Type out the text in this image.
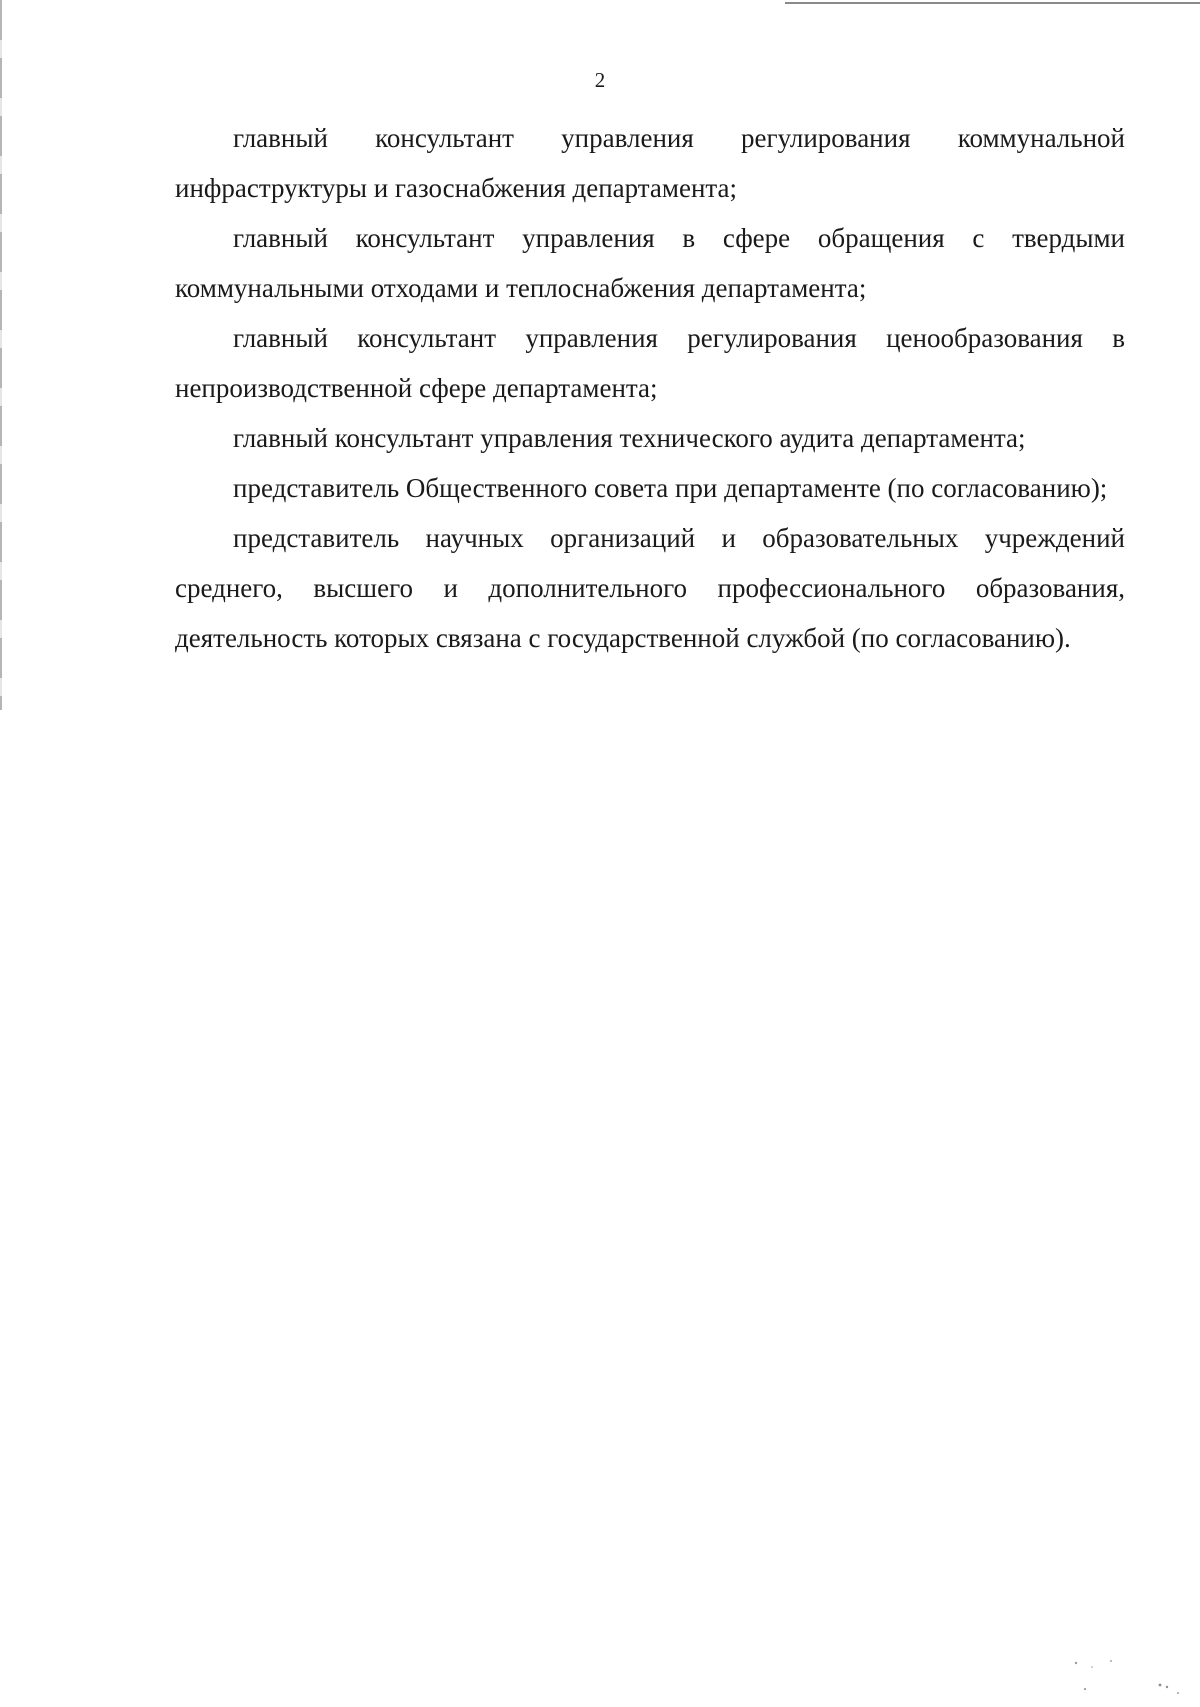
2

главный консультант управления регулирования коммунальной инфраструктуры и газоснабжения департамента;

главный консультант управления в сфере обращения с твердыми коммунальными отходами и теплоснабжения департамента;

главный консультант управления регулирования ценообразования в непроизводственной сфере департамента;

главный консультант управления технического аудита департамента;

представитель Общественного совета при департаменте (по согласованию);

представитель научных организаций и образовательных учреждений среднего, высшего и дополнительного профессионального образования, деятельность которых связана с государственной службой (по согласованию).
